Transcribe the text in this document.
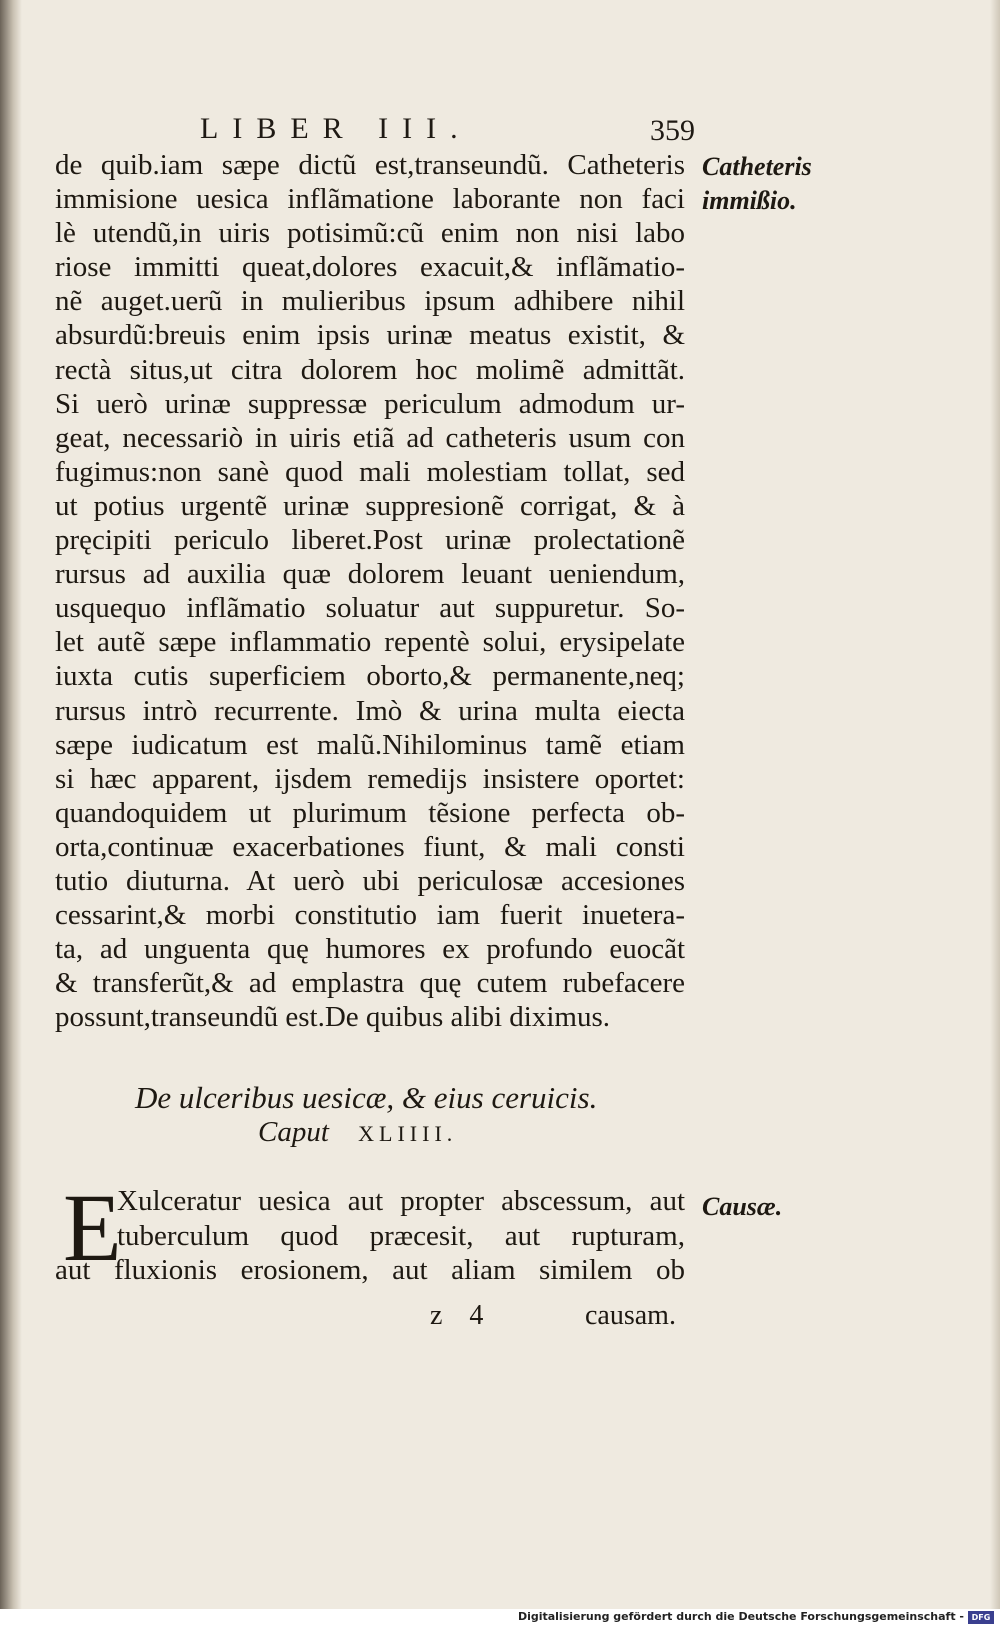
LIBER III.	359
de quib.iam sæpe dictũ est,transeundũ. Catheteris
immisione uesica inflãmatione laborante non faci
lè utendũ,in uiris potisimũ:cũ enim non nisi labo
riose immitti queat,dolores exacuit,& inflãmatio-
nẽ auget.uerũ in mulieribus ipsum adhibere nihil
absurdũ:breuis enim ipsis urinæ meatus existit, &
rectà situs,ut citra dolorem hoc molimẽ admittãt.
Si uerò urinæ suppressæ periculum admodum ur-
geat, necessariò in uiris etiã ad catheteris usum con
fugimus:non sanè quod mali molestiam tollat, sed
ut potius urgentẽ urinæ suppresionẽ corrigat, & à
pręcipiti periculo liberet.Post urinæ prolectationẽ
rursus ad auxilia quæ dolorem leuant ueniendum,
usquequo inflãmatio soluatur aut suppuretur. So-
let autẽ sæpe inflammatio repentè solui, erysipelate
iuxta cutis superficiem oborto,& permanente,neq;
rursus intrò recurrente. Imò & urina multa eiecta
sæpe iudicatum est malũ.Nihilominus tamẽ etiam
si hæc apparent, ijsdem remedijs insistere oportet:
quandoquidem ut plurimum tẽsione perfecta ob-
orta,continuæ exacerbationes fiunt, & mali consti
tutio diuturna. At uerò ubi periculosæ accesiones
cessarint,& morbi constitutio iam fuerit inuetera-
ta, ad unguenta quę humores ex profundo euocãt
& transferũt,& ad emplastra quę cutem rubefacere
possunt,transeundũ est.De quibus alibi diximus.
Catheteris
immißio.
De ulceribus uesicæ, & eius ceruicis.
Caput XLIIII.
E
Xulceratur uesica aut propter abscessum, aut
tuberculum quod præcesit, aut rupturam,
aut fluxionis erosionem, aut aliam similem ob
Causæ.
z 4	causam.
Digitalisierung gefördert durch die Deutsche Forschungsgemeinschaft - DFG
